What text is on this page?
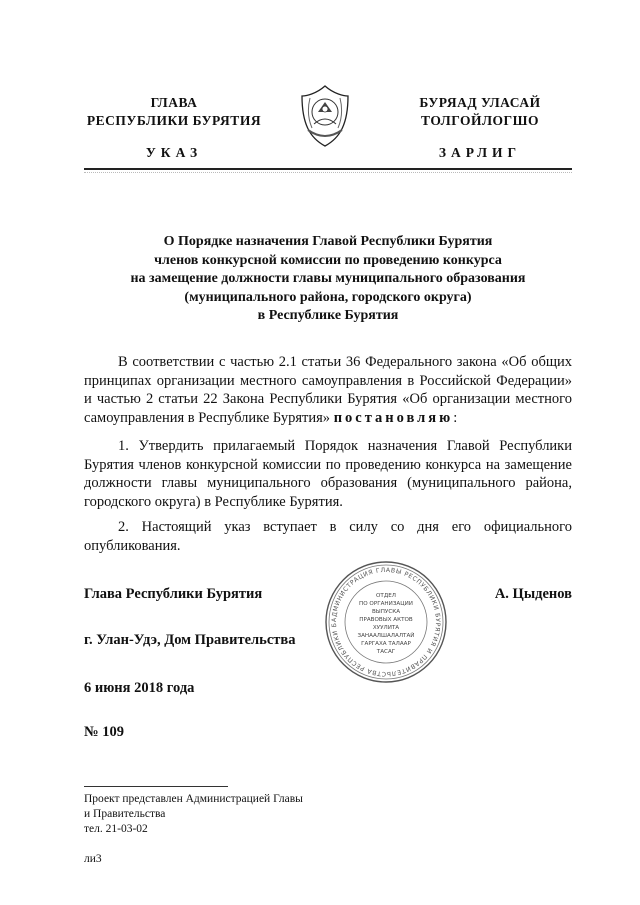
ГЛАВА
РЕСПУБЛИКИ БУРЯТИЯ
УКАЗ
БУРЯАД УЛАСАЙ
ТОЛГОЙЛОГШО
ЗАРЛИГ
О Порядке назначения Главой Республики Бурятия
членов конкурсной комиссии по проведению конкурса
на замещение должности главы муниципального образования
(муниципального района, городского округа)
в Республике Бурятия
В соответствии с частью 2.1 статьи 36 Федерального закона «Об общих принципах организации местного самоуправления в Российской Федерации» и частью 2 статьи 22 Закона Республики Бурятия «Об организации местного самоуправления в Республике Бурятия» постановляю:
1. Утвердить прилагаемый Порядок назначения Главой Республики Бурятия членов конкурсной комиссии по проведению конкурса на замещение должности главы муниципального образования (муниципального района, городского округа) в Республике Бурятия.
2. Настоящий указ вступает в силу со дня его официального опубликования.
Глава Республики Бурятия	А. Цыденов
г. Улан-Удэ, Дом Правительства
6 июня 2018 года
№ 109
АДМИНИСТРАЦИЯ ГЛАВЫ РЕСПУБЛИКИ БУРЯТИЯ И ПРАВИТЕЛЬСТВА РЕСПУБЛИКИ Б
ОТДЕЛ
ПО ОРГАНИЗАЦИИ
ВЫПУСКА
ПРАВОВЫХ АКТОВ
ХУУЛИТА
ЗАНААЛШАЛАЛТАЙ
ГАРГАХА ТАЛААР
ТАСАГ
Проект представлен Администрацией Главы
и Правительства
тел. 21-03-02
ли3
